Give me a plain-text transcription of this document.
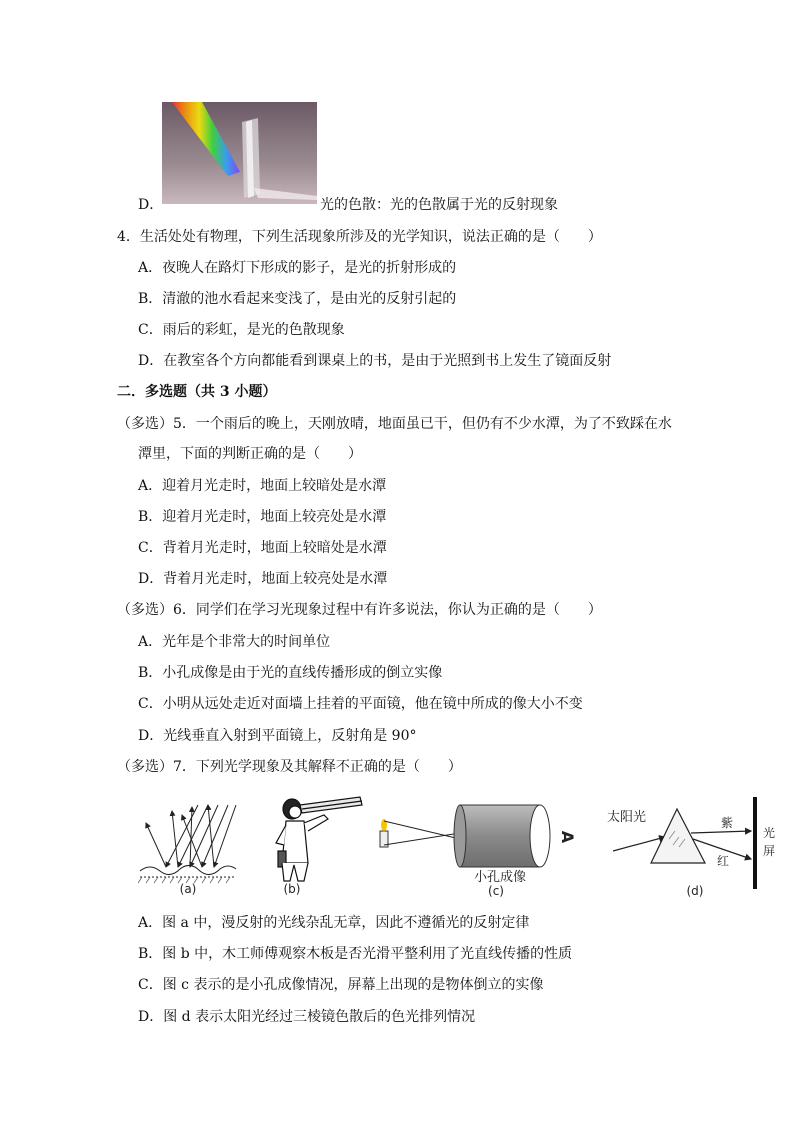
D．	光的色散：光的色散属于光的反射现象
4．生活处处有物理，下列生活现象所涉及的光学知识，说法正确的是（　　）
A．夜晚人在路灯下形成的影子，是光的折射形成的
B．清澈的池水看起来变浅了，是由光的反射引起的
C．雨后的彩虹，是光的色散现象
D．在教室各个方向都能看到课桌上的书，是由于光照到书上发生了镜面反射
二．多选题（共 3 小题）
（多选）5．一个雨后的晚上，天刚放晴，地面虽已干，但仍有不少水潭，为了不致踩在水
潭里，下面的判断正确的是（　　）
A．迎着月光走时，地面上较暗处是水潭
B．迎着月光走时，地面上较亮处是水潭
C．背着月光走时，地面上较暗处是水潭
D．背着月光走时，地面上较亮处是水潭
（多选）6．同学们在学习光现象过程中有许多说法，你认为正确的是（　　）
A．光年是个非常大的时间单位
B．小孔成像是由于光的直线传播形成的倒立实像
C．小明从远处走近对面墙上挂着的平面镜，他在镜中所成的像大小不变
D．光线垂直入射到平面镜上，反射角是 90°
（多选）7．下列光学现象及其解释不正确的是（　　）
(a)	(b)
A
小孔成像
(c)
太阳光	紫
红
光
屏
(d)
A．图 a 中，漫反射的光线杂乱无章，因此不遵循光的反射定律
B．图 b 中，木工师傅观察木板是否光滑平整利用了光直线传播的性质
C．图 c 表示的是小孔成像情况，屏幕上出现的是物体倒立的实像
D．图 d 表示太阳光经过三棱镜色散后的色光排列情况
